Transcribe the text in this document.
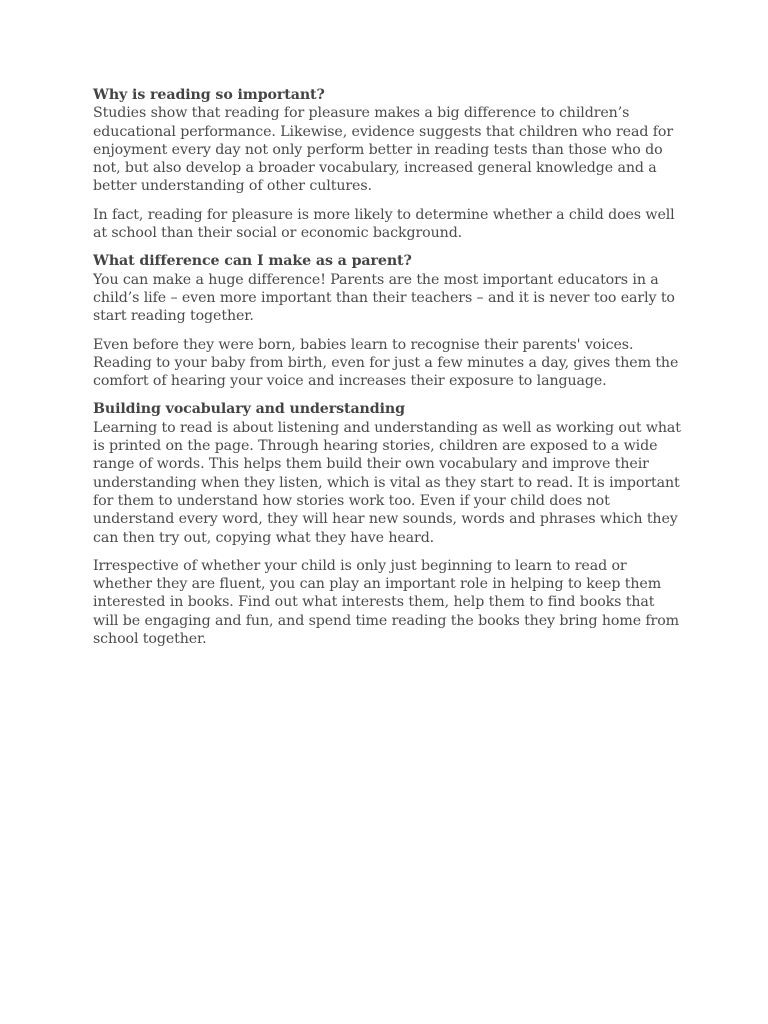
Why is reading so important?

Studies show that reading for pleasure makes a big difference to children’s educational performance. Likewise, evidence suggests that children who read for enjoyment every day not only perform better in reading tests than those who do not, but also develop a broader vocabulary, increased general knowledge and a better understanding of other cultures.

In fact, reading for pleasure is more likely to determine whether a child does well at school than their social or economic background.

What difference can I make as a parent?

You can make a huge difference! Parents are the most important educators in a child’s life – even more important than their teachers – and it is never too early to start reading together.

Even before they were born, babies learn to recognise their parents' voices. Reading to your baby from birth, even for just a few minutes a day, gives them the comfort of hearing your voice and increases their exposure to language.

Building vocabulary and understanding

Learning to read is about listening and understanding as well as working out what is printed on the page. Through hearing stories, children are exposed to a wide range of words. This helps them build their own vocabulary and improve their understanding when they listen, which is vital as they start to read. It is important for them to understand how stories work too. Even if your child does not understand every word, they will hear new sounds, words and phrases which they can then try out, copying what they have heard.

Irrespective of whether your child is only just beginning to learn to read or whether they are fluent, you can play an important role in helping to keep them interested in books. Find out what interests them, help them to find books that will be engaging and fun, and spend time reading the books they bring home from school together.
